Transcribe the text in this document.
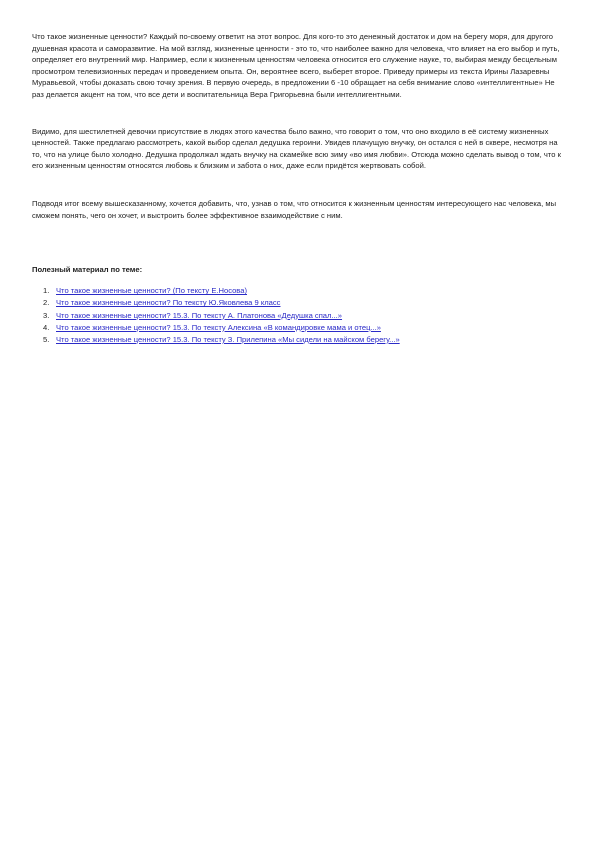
Что такое жизненные ценности? Каждый по-своему ответит на этот вопрос. Для кого-то это денежный достаток и дом на берегу моря, для другого душевная красота и саморазвитие. На мой взгляд, жизненные ценности - это то, что наиболее важно для человека, что влияет на его выбор и путь, определяет его внутренний мир. Например, если к жизненным ценностям человека относится его служение науке, то, выбирая между бесцельным просмотром телевизионных передач и проведением опыта. Он, вероятнее всего, выберет второе. Приведу примеры из текста Ирины Лазаревны Муравьевой, чтобы доказать свою точку зрения. В первую очередь, в предложении 6 -10 обращает на себя внимание слово «интеллигентные» Не раз делается акцент на том, что все дети и воспитательница Вера Григорьевна были интеллигентными.

Видимо, для шестилетней девочки присутствие в людях этого качества было важно, что говорит о том, что оно входило в её систему жизненных ценностей. Также предлагаю рассмотреть, какой выбор сделал дедушка героини. Увидев плачущую внучку, он остался с ней в сквере, несмотря на то, что на улице было холодно. Дедушка продолжал ждать внучку на скамейке всю зиму «во имя любви». Отсюда можно сделать вывод о том, что к его жизненным ценностям относятся любовь к близким и забота о них, даже если придётся жертвовать собой.

Подводя итог всему вышесказанному, хочется добавить, что, узнав о том, что относится к жизненным ценностям интересующего нас человека, мы сможем понять, чего он хочет, и выстроить более эффективное взаимодействие с ним.

Полезный материал по теме:
1. Что такое жизненные ценности? (По тексту Е.Носова)
2. Что такое жизненные ценности? По тексту Ю.Яковлева 9 класс
3. Что такое жизненные ценности? 15.3. По тексту А. Платонова «Дедушка спал...»
4. Что такое жизненные ценности? 15.3. По тексту Алексина «В командировке мама и отец...»
5. Что такое жизненные ценности? 15.3. По тексту З. Прилепина «Мы сидели на майском берегу...»
